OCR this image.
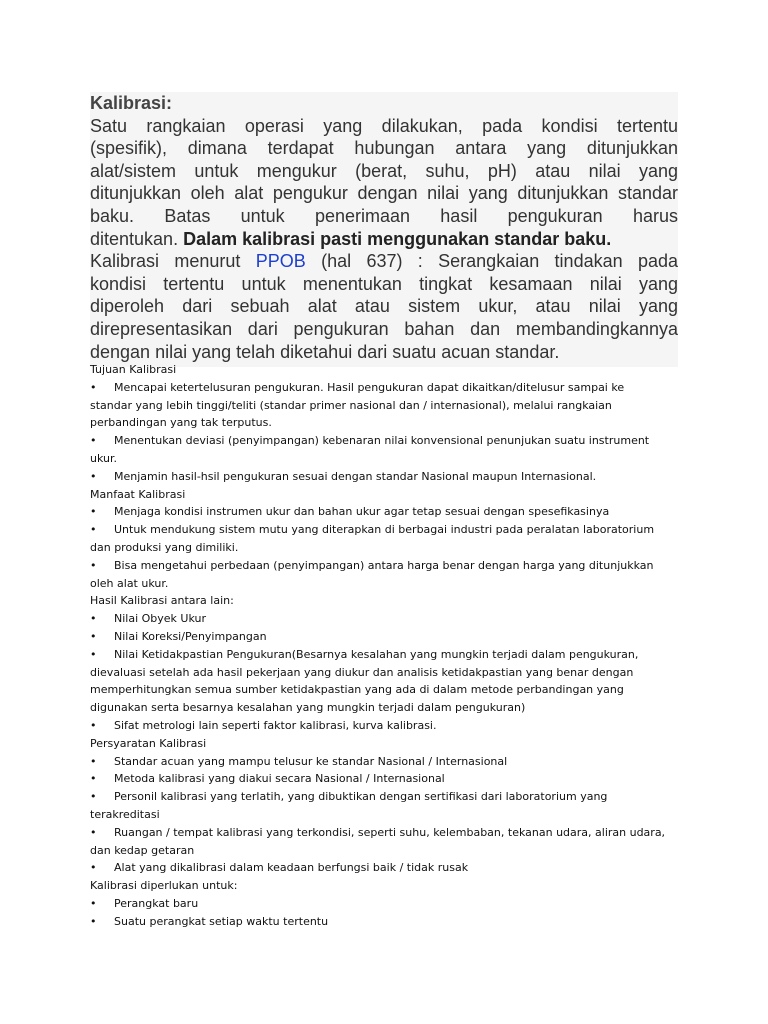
Kalibrasi:
Satu rangkaian operasi yang dilakukan, pada kondisi tertentu
(spesifik), dimana terdapat hubungan antara yang ditunjukkan
alat/sistem untuk mengukur (berat, suhu, pH) atau nilai yang
ditunjukkan oleh alat pengukur dengan nilai yang ditunjukkan standar
baku. Batas untuk penerimaan hasil pengukuran harus
ditentukan. Dalam kalibrasi pasti menggunakan standar baku.
Kalibrasi menurut PPOB (hal 637) : Serangkaian tindakan pada
kondisi tertentu untuk menentukan tingkat kesamaan nilai yang
diperoleh dari sebuah alat atau sistem ukur, atau nilai yang
direpresentasikan dari pengukuran bahan dan membandingkannya
dengan nilai yang telah diketahui dari suatu acuan standar.
Tujuan Kalibrasi
• Mencapai ketertelusuran pengukuran. Hasil pengukuran dapat dikaitkan/ditelusur sampai ke
standar yang lebih tinggi/teliti (standar primer nasional dan / internasional), melalui rangkaian
perbandingan yang tak terputus.
• Menentukan deviasi (penyimpangan) kebenaran nilai konvensional penunjukan suatu instrument
ukur.
• Menjamin hasil-hsil pengukuran sesuai dengan standar Nasional maupun Internasional.
Manfaat Kalibrasi
• Menjaga kondisi instrumen ukur dan bahan ukur agar tetap sesuai dengan spesefikasinya
• Untuk mendukung sistem mutu yang diterapkan di berbagai industri pada peralatan laboratorium
dan produksi yang dimiliki.
• Bisa mengetahui perbedaan (penyimpangan) antara harga benar dengan harga yang ditunjukkan
oleh alat ukur.
Hasil Kalibrasi antara lain:
• Nilai Obyek Ukur
• Nilai Koreksi/Penyimpangan
• Nilai Ketidakpastian Pengukuran(Besarnya kesalahan yang mungkin terjadi dalam pengukuran,
dievaluasi setelah ada hasil pekerjaan yang diukur dan analisis ketidakpastian yang benar dengan
memperhitungkan semua sumber ketidakpastian yang ada di dalam metode perbandingan yang
digunakan serta besarnya kesalahan yang mungkin terjadi dalam pengukuran)
• Sifat metrologi lain seperti faktor kalibrasi, kurva kalibrasi.
Persyaratan Kalibrasi
• Standar acuan yang mampu telusur ke standar Nasional / Internasional
• Metoda kalibrasi yang diakui secara Nasional / Internasional
• Personil kalibrasi yang terlatih, yang dibuktikan dengan sertifikasi dari laboratorium yang
terakreditasi
• Ruangan / tempat kalibrasi yang terkondisi, seperti suhu, kelembaban, tekanan udara, aliran udara,
dan kedap getaran
• Alat yang dikalibrasi dalam keadaan berfungsi baik / tidak rusak
Kalibrasi diperlukan untuk:
• Perangkat baru
• Suatu perangkat setiap waktu tertentu
